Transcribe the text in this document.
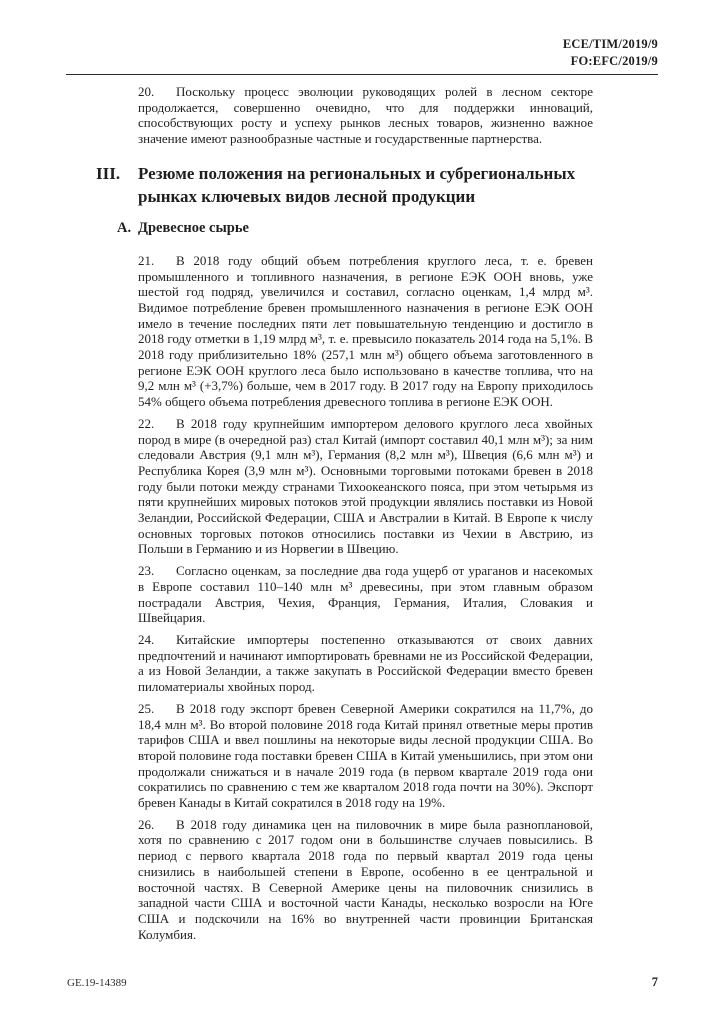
ECE/TIM/2019/9
FO:EFC/2019/9

20. Поскольку процесс эволюции руководящих ролей в лесном секторе продолжается, совершенно очевидно, что для поддержки инноваций, способствующих росту и успеху рынков лесных товаров, жизненно важное значение имеют разнообразные частные и государственные партнерства.

III.	Резюме положения на региональных и субрегиональных рынках ключевых видов лесной продукции
A. Древесное сырье

21. В 2018 году общий объем потребления круглого леса, т. е. бревен промышленного и топливного назначения, в регионе ЕЭК ООН вновь, уже шестой год подряд, увеличился и составил, согласно оценкам, 1,4 млрд м³. Видимое потребление бревен промышленного назначения в регионе ЕЭК ООН имело в течение последних пяти лет повышательную тенденцию и достигло в 2018 году отметки в 1,19 млрд м³, т. е. превысило показатель 2014 года на 5,1%. В 2018 году приблизительно 18% (257,1 млн м³) общего объема заготовленного в регионе ЕЭК ООН круглого леса было использовано в качестве топлива, что на 9,2 млн м³ (+3,7%) больше, чем в 2017 году. В 2017 году на Европу приходилось 54% общего объема потребления древесного топлива в регионе ЕЭК ООН.

22. В 2018 году крупнейшим импортером делового круглого леса хвойных пород в мире (в очередной раз) стал Китай (импорт составил 40,1 млн м³); за ним следовали Австрия (9,1 млн м³), Германия (8,2 млн м³), Швеция (6,6 млн м³) и Республика Корея (3,9 млн м³). Основными торговыми потоками бревен в 2018 году были потоки между странами Тихоокеанского пояса, при этом четырьмя из пяти крупнейших мировых потоков этой продукции являлись поставки из Новой Зеландии, Российской Федерации, США и Австралии в Китай. В Европе к числу основных торговых потоков относились поставки из Чехии в Австрию, из Польши в Германию и из Норвегии в Швецию.

23. Согласно оценкам, за последние два года ущерб от ураганов и насекомых в Европе составил 110–140 млн м³ древесины, при этом главным образом пострадали Австрия, Чехия, Франция, Германия, Италия, Словакия и Швейцария.

24. Китайские импортеры постепенно отказываются от своих давних предпочтений и начинают импортировать бревнами не из Российской Федерации, а из Новой Зеландии, а также закупать в Российской Федерации вместо бревен пиломатериалы хвойных пород.

25. В 2018 году экспорт бревен Северной Америки сократился на 11,7%, до 18,4 млн м³. Во второй половине 2018 года Китай принял ответные меры против тарифов США и ввел пошлины на некоторые виды лесной продукции США. Во второй половине года поставки бревен США в Китай уменьшились, при этом они продолжали снижаться и в начале 2019 года (в первом квартале 2019 года они сократились по сравнению с тем же кварталом 2018 года почти на 30%). Экспорт бревен Канады в Китай сократился в 2018 году на 19%.

26. В 2018 году динамика цен на пиловочник в мире была разноплановой, хотя по сравнению с 2017 годом они в большинстве случаев повысились. В период с первого квартала 2018 года по первый квартал 2019 года цены снизились в наибольшей степени в Европе, особенно в ее центральной и восточной частях. В Северной Америке цены на пиловочник снизились в западной части США и восточной части Канады, несколько возросли на Юге США и подскочили на 16% во внутренней части провинции Британская Колумбия.

GE.19-14389	7
